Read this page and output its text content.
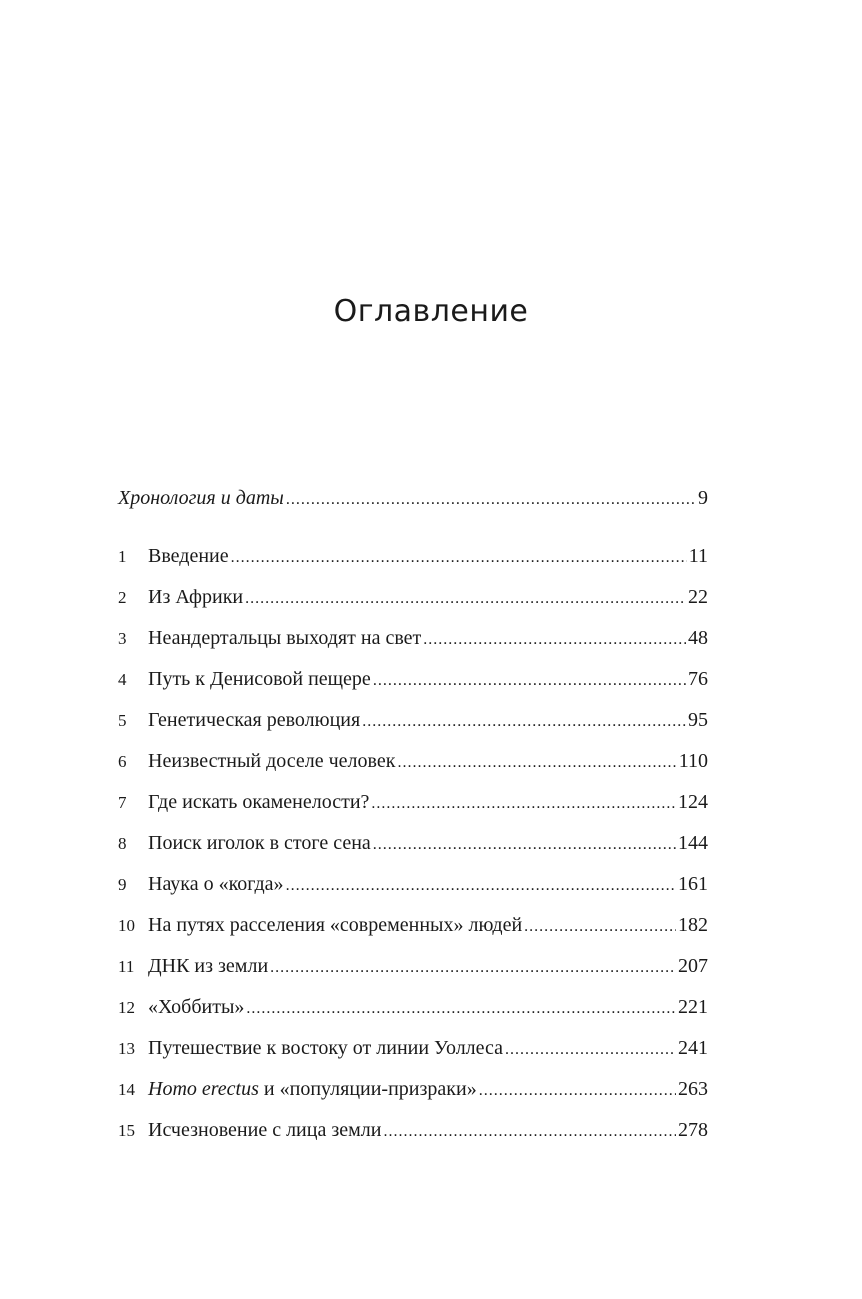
Оглавление
Хронология и даты .....	9
1	Введение .....	11
2	Из Африки .....	22
3	Неандертальцы выходят на свет .....	48
4	Путь к Денисовой пещере .....	76
5	Генетическая революция .....	95
6	Неизвестный доселе человек .....	110
7	Где искать окаменелости? .....	124
8	Поиск иголок в стоге сена .....	144
9	Наука о «когда» .....	161
10 На путях расселения «современных» людей .....	182
11 ДНК из земли .....	207
12 «Хоббиты» .....	221
13 Путешествие к востоку от линии Уоллеса .....	241
14 Homo erectus и «популяции-призраки» .....	263
15 Исчезновение с лица земли .....	278
